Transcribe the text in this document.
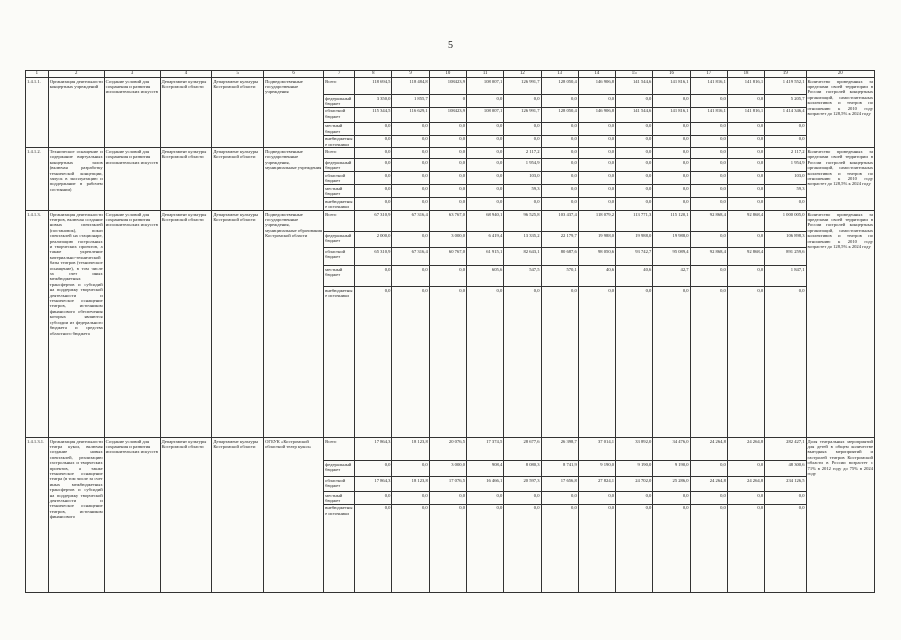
5
1	2	3	4	5	6	7	8	9	10	11	12	13	14	15	16	17	18	19	20
1.4.1.1.	Организация деятельности концертных учреждений	Создание условий для сохранения и развития исполнительских искусств	Департамент культуры Костромской области	Департамент культуры Костромской области	Подведомственные государственные учреждения	Всего	118 694,5	118 484,8	108423,9	108 007,1	126 991,7	128 050,4	146 906,8	141 544,6	141 816,1	141 816,1	141 816,1	1 419 552,1	Количество проведенных за пределами своей территории в России гастролей концертных организаций, самостоятельных коллективов и театров по отношению к 2010 году возрастет до 128,5% к 2024 году
						федеральный бюджет	3 350,0	1 855,7	0	0,0	0,0	0,0	0,0	0,0	0,0	0,0	0,0	5 205,7	
						областной бюджет	115 344,5	116 629,1	108423,9	108 007,1	126 991,7	128 050,4	146 906,8	141 544,6	141 816,1	141 816,1	141 816,1	1 414 346,4	
						местный бюджет	0,0	0,0	0,0	0,0	0,0	0,0	0,0	0,0	0,0	0,0	0,0	0,0	
						внебюджетные источники	0,0	0,0	0,0	0,0	0,0	0,0	0,0	0,0	0,0	0,0	0,0	0,0	
1.4.1.2.	Техническое оснащение и содержание виртуальных концертных залов (включая разработку технической концепции, запуск в эксплуатацию и поддержание в рабочем состоянии)	Создание условий для сохранения и развития исполнительских искусств	Департамент культуры Костромской области	Департамент культуры Костромской области	Подведомственные государственные учреждения, муниципальные учреждения	Всего	0,0	0,0	0,0	0,0	2 117,2	0,0	0,0	0,0	0,0	0,0	0,0	2 117,2	Количество проведенных за пределами своей территории в России гастролей концертных организаций, самостоятельных коллективов и театров по отношению к 2010 году возрастет до 128,5% к 2024 году
						федеральный бюджет	0,0	0,0	0,0	0,0	1 954,9	0,0	0,0	0,0	0,0	0,0	0,0	1 954,9	
						областной бюджет	0,0	0,0	0,0	0,0	103,0	0,0	0,0	0,0	0,0	0,0	0,0	103,0	
						местный бюджет	0,0	0,0	0,0	0,0	59,3	0,0	0,0	0,0	0,0	0,0	0,0	59,3	
						внебюджетные источники	0,0	0,0	0,0	0,0	0,0	0,0	0,0	0,0	0,0	0,0	0,0	0,0	
1.4.1.3.	Организация деятельности театров, включая создание новых спектаклей (постановок), показ спектаклей на стационаре, реализацию гастрольных и творческих проектов, а также укрепление материально-технической базы театров (техническое оснащение), в том числе за счет иных межбюджетных трансфертов и субсидий на поддержку творческой деятельности и техническое оснащение театров, источником финансового обеспечения которых являются субсидии из федерального бюджета и средства областного бюджета	Создание условий для сохранения и развития исполнительских искусств	Департамент культуры Костромской области	Департамент культуры Костромской области	Подведомственные государственные учреждения, муниципальные образования Костромской области	Всего	67 310,9	67 316,4	63 767,0	68 940,1	96 525,8	103 437,4	118 079,2	113 771,3	115 120,1	92 868,4	92 868,4	1 000 005,0	Количество проведенных за пределами своей территории в России гастролей концертных организаций, самостоятельных коллективов и театров по отношению к 2010 году возрастет до 128,5% к 2024 году
						федеральный бюджет	2 000,0	0,0	3 000,0	6 419,4	13 335,2	22 179,7	19 988,0	19 988,0	19 988,0	0,0	0,0	106 898,3	
						областной бюджет	65 310,9	67 316,4	60 767,0	61 915,1	82 643,1	80 687,6	98 050,6	93 742,7	95 089,4	92 868,4	92 868,4	891 259,6	
						местный бюджет	0,0	0,0	0,0	605,6	547,5	570,1	40,6	40,6	42,7	0,0	0,0	1 847,1	
						внебюджетные источники	0,0	0,0	0,0	0,0	0,0	0,0	0,0	0,0	0,0	0,0	0,0	0,0	
1.4.1.3.1.	Организация деятельности театра кукол, включая создание новых спектаклей, реализацию гастрольных и творческих проектов, а также техническое оснащение театра (в том числе за счет иных межбюджетных трансфертов и субсидий на поддержку творческой деятельности и техническое оснащение театров, источником финансового	Создание условий для сохранения и развития исполнительских искусств	Департамент культуры Костромской области	Департамент культуры Костромской области	ОГБУК «Костромской областной театр кукол»	Всего	17 864,3	18 123,8	20 076,5	17 374,5	28 677,6	26 398,7	37 014,1	33 892,0	34 476,0	24 264,8	24 264,8	282 427,1	Доля театральных мероприятий для детей в общем количестве выездных мероприятий и гастролей театров Костромской области в России возрастет с 71% в 2012 году до 75% в 2024 году
						федеральный бюджет	0,0	0,0	3 000,0	908,4	8 080,3	8 741,9	9 190,0	9 190,0	9 190,0	0,0	0,0	48 300,6	
						областной бюджет	17 864,3	18 123,8	17 076,5	16 466,1	20 597,3	17 656,8	27 824,1	24 702,0	25 286,0	24 264,8	24 264,8	234 126,5	
						местный бюджет	0,0	0,0	0,0	0,0	0,0	0,0	0,0	0,0	0,0	0,0	0,0	0,0	
						внебюджетные источники	0,0	0,0	0,0	0,0	0,0	0,0	0,0	0,0	0,0	0,0	0,0	0,0	
